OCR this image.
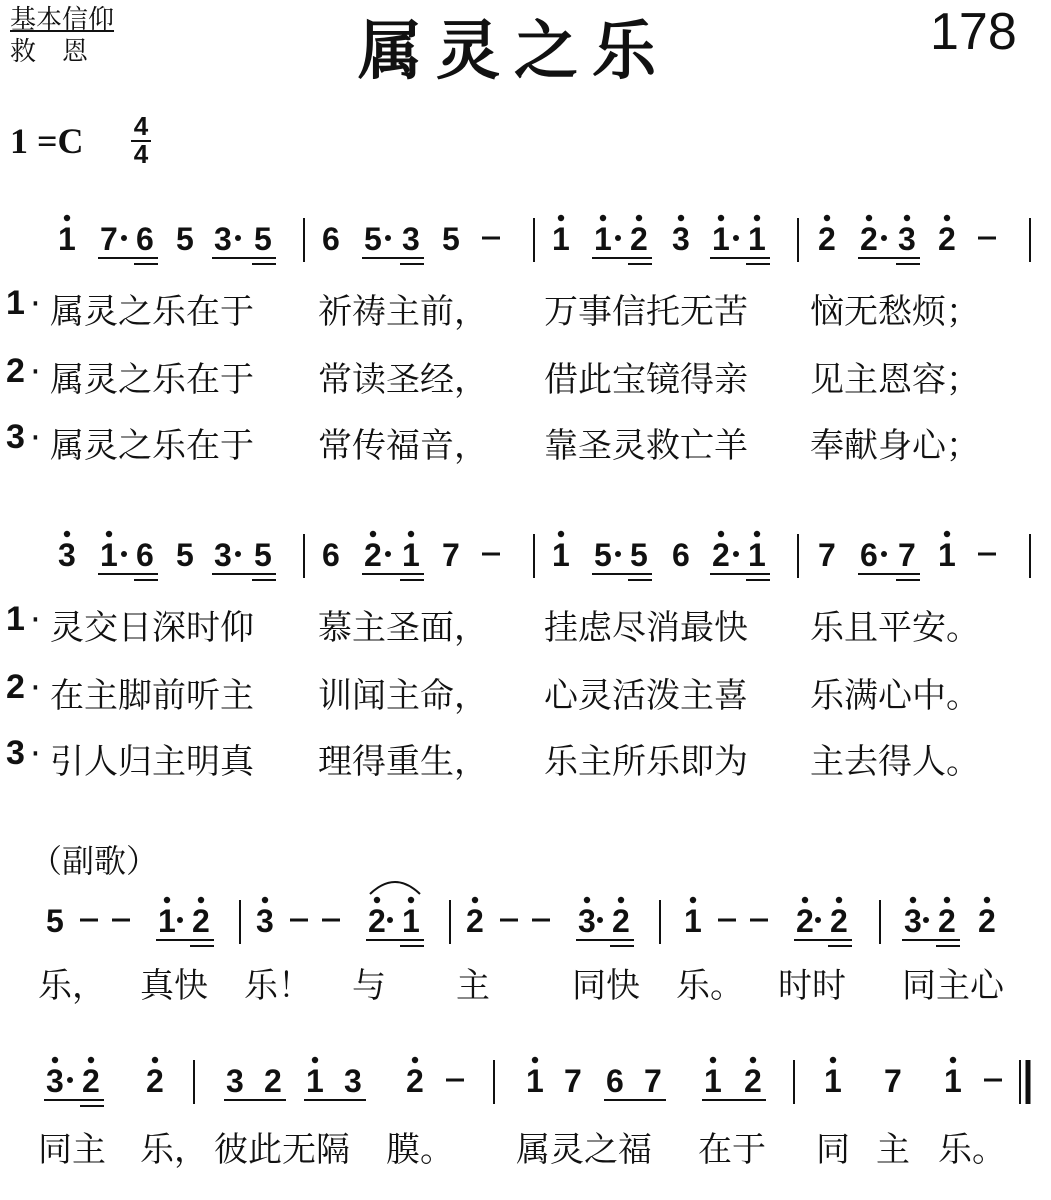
基本信仰
救　恩	属灵之乐	178
1 =C 4
4
1 7 6 5 3 5 6 5 3 5	1 1 2 3 1 1 2 2 3 2
3 1 6 5 3 5 6 2 1 7	1 5 5 6 2 1 7 6 7 1
5	1 2 3	2 1 2	3 2 1	2 2 3 2 2
3 2 2 3 2 1 3 2	1 7 6 7 1 2 1 7 1
1 · 属灵之乐在于 祈祷主前， 万事信托无苦 恼无愁烦；
2 · 属灵之乐在于 常读圣经， 借此宝镜得亲 见主恩容；
3 · 属灵之乐在于 常传福音， 靠圣灵救亡羊 奉献身心；
1 · 灵交日深时仰 慕主圣面， 挂虑尽消最快 乐且平安。
2 · 在主脚前听主 训闻主命， 心灵活泼主喜 乐满心中。
3 · 引人归主明真 理得重生， 乐主所乐即为 主去得人。
（副歌）
乐， 真快 乐！ 与 主 同快 乐。 时时 同主心
同主 乐， 彼此无隔 膜。 属灵之福 在于 同 主 乐。
